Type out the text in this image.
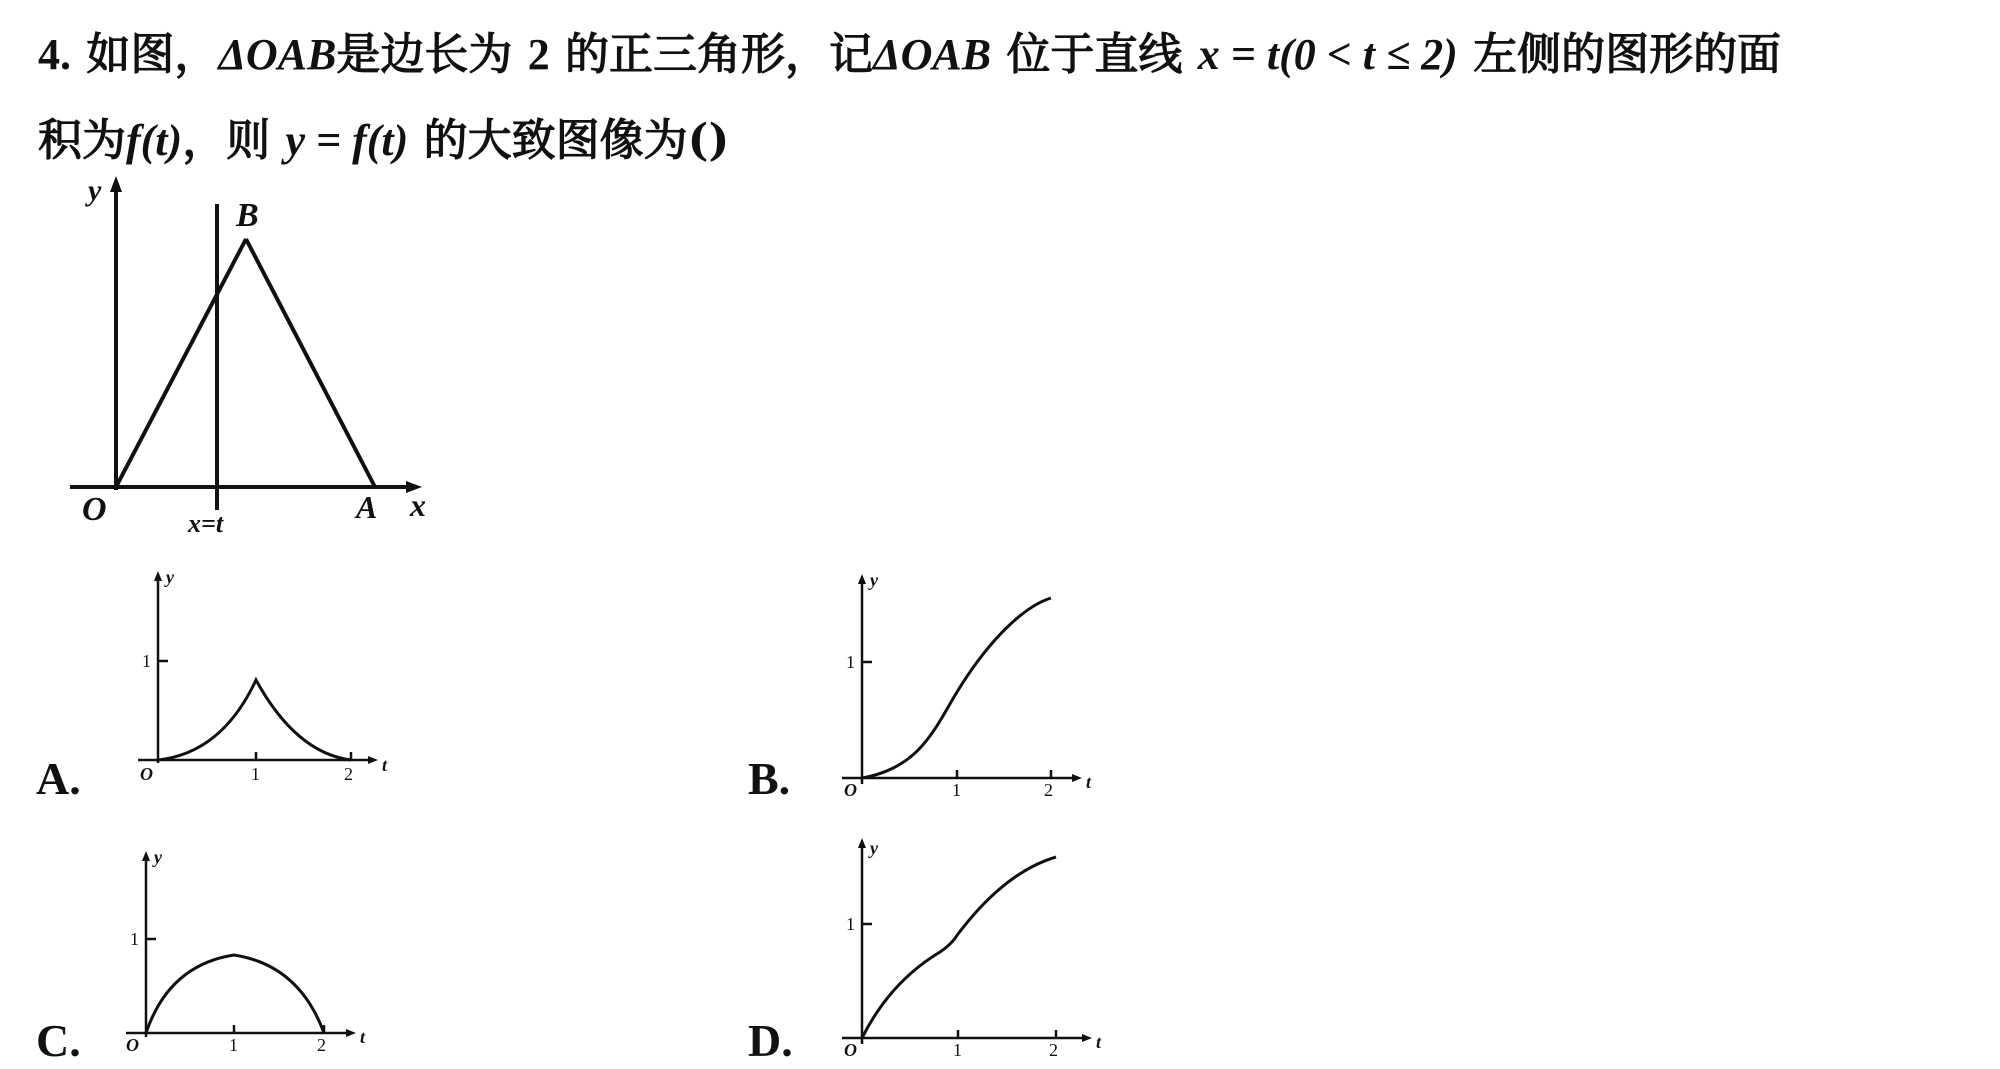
4. 如图，ΔOAB是边长为 2 的正三角形，记ΔOAB 位于直线 x = t(0 < t ≤ 2) 左侧的图形的面
积为f(t)，则 y = f(t) 的大致图像为()
y
B
O	A x
x=t
A.
y
1
O	1	2 t	B.
y
1
O	1	2 t
C.
y
1
O	1	2 t	D.
y
1
O	1	2 t
